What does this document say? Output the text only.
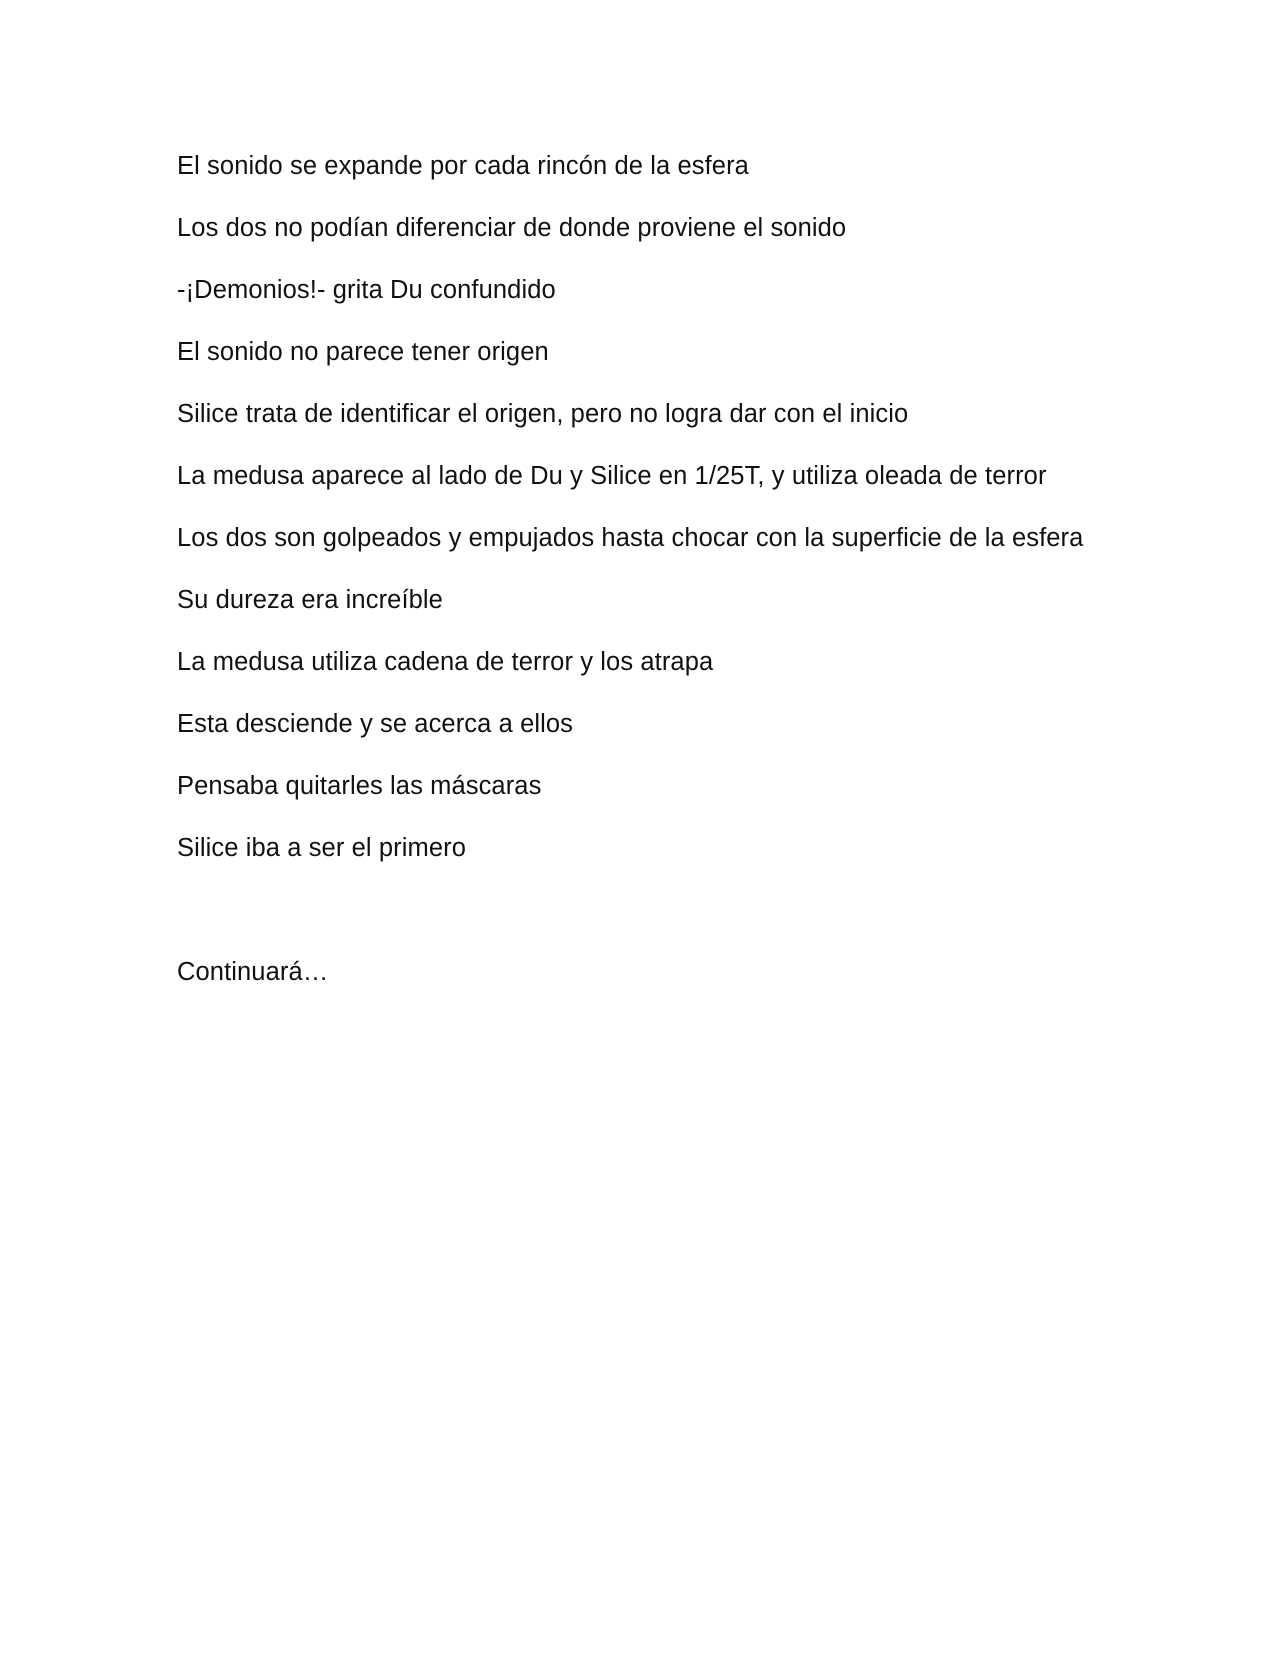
El sonido se expande por cada rincón de la esfera

Los dos no podían diferenciar de donde proviene el sonido

-¡Demonios!- grita Du confundido

El sonido no parece tener origen

Silice trata de identificar el origen, pero no logra dar con el inicio

La medusa aparece al lado de Du y Silice en 1/25T, y utiliza oleada de terror

Los dos son golpeados y empujados hasta chocar con la superficie de la esfera

Su dureza era increíble

La medusa utiliza cadena de terror y los atrapa

Esta desciende y se acerca a ellos

Pensaba quitarles las máscaras

Silice iba a ser el primero

Continuará…
